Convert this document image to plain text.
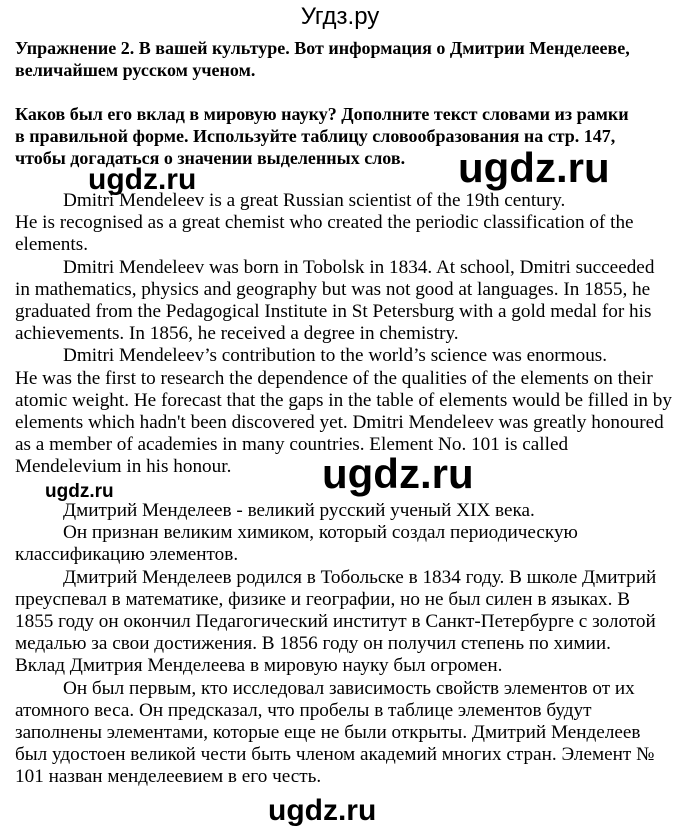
Угдз.ру
Упражнение 2. В вашей культуре. Вот информация о Дмитрии Менделееве,
величайшем русском ученом.
Каков был его вклад в мировую науку? Дополните текст словами из рамки
в правильной форме. Используйте таблицу словообразования на стр. 147,
чтобы догадаться о значении выделенных слов.
Dmitri Mendeleev is a great Russian scientist of the 19th century.
He is recognised as a great chemist who created the periodic classification of the
elements.
Dmitri Mendeleev was born in Tobolsk in 1834. At school, Dmitri succeeded
in mathematics, physics and geography but was not good at languages. In 1855, he
graduated from the Pedagogical Institute in St Petersburg with a gold medal for his
achievements. In 1856, he received a degree in chemistry.
Dmitri Mendeleev’s contribution to the world’s science was enormous.
He was the first to research the dependence of the qualities of the elements on their
atomic weight. He forecast that the gaps in the table of elements would be filled in by
elements which hadn't been discovered yet. Dmitri Mendeleev was greatly honoured
as a member of academies in many countries. Element No. 101 is called
Mendelevium in his honour.
Дмитрий Менделеев - великий русский ученый XIX века.
Он признан великим химиком, который создал периодическую
классификацию элементов.
Дмитрий Менделеев родился в Тобольске в 1834 году. В школе Дмитрий
преуспевал в математике, физике и географии, но не был силен в языках. В
1855 году он окончил Педагогический институт в Санкт-Петербурге с золотой
медалью за свои достижения. В 1856 году он получил степень по химии.
Вклад Дмитрия Менделеева в мировую науку был огромен.
Он был первым, кто исследовал зависимость свойств элементов от их
атомного веса. Он предсказал, что пробелы в таблице элементов будут
заполнены элементами, которые еще не были открыты. Дмитрий Менделеев
был удостоен великой чести быть членом академий многих стран. Элемент №
101 назван менделеевием в его честь.
ugdz.ru
ugdz.ru
ugdz.ru
ugdz.ru
ugdz.ru
